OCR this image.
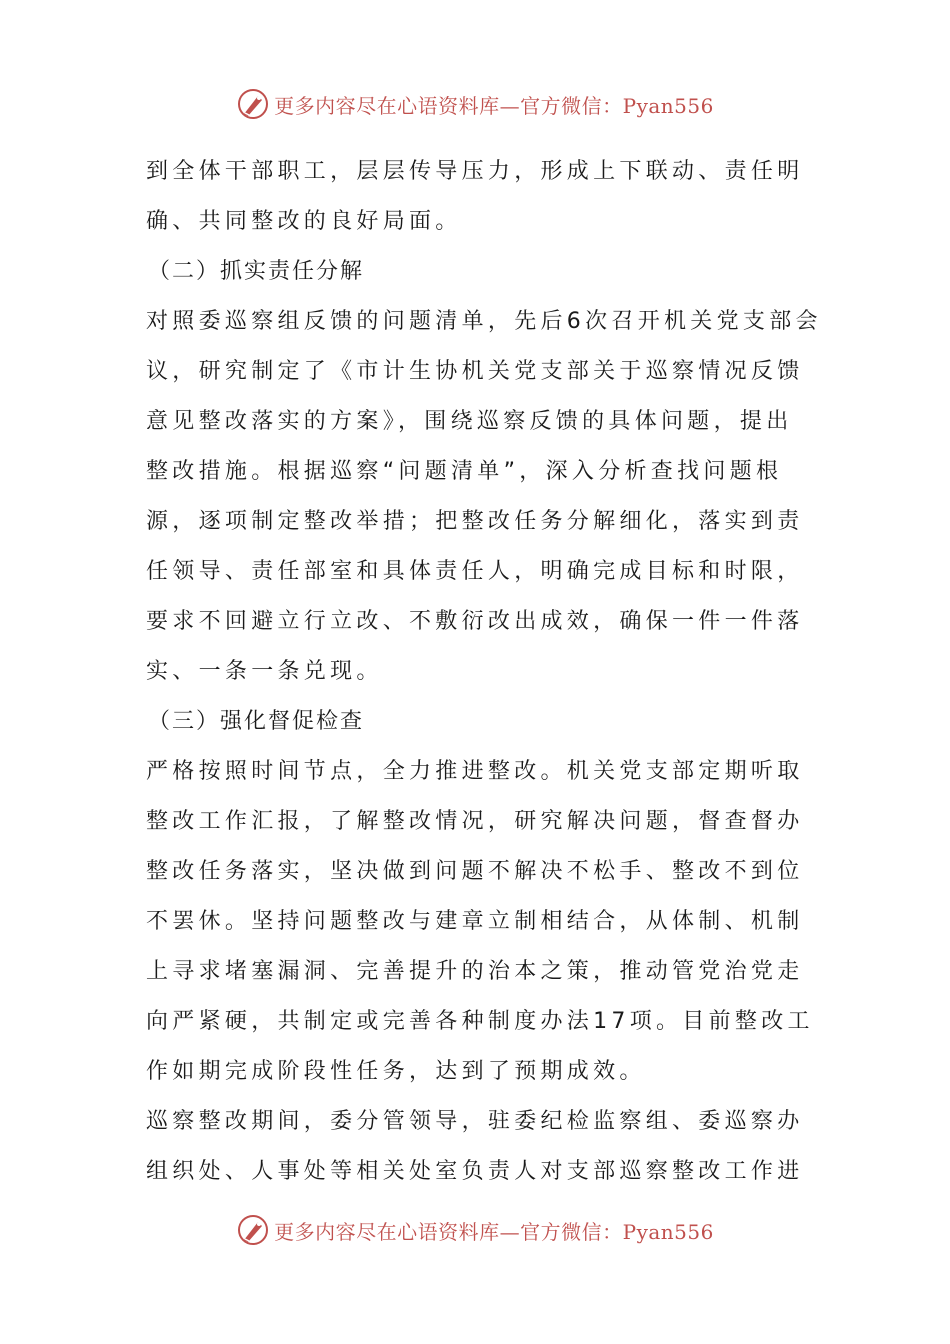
更多内容尽在心语资料库—官方微信：Pyan556
到全体干部职工，层层传导压力，形成上下联动、责任明
确、共同整改的良好局面。
（二）抓实责任分解
对照委巡察组反馈的问题清单，先后6次召开机关党支部会
议，研究制定了《市计生协机关党支部关于巡察情况反馈
意见整改落实的方案》，围绕巡察反馈的具体问题，提出
整改措施。根据巡察“问题清单”，深入分析查找问题根
源，逐项制定整改举措；把整改任务分解细化，落实到责
任领导、责任部室和具体责任人，明确完成目标和时限，
要求不回避立行立改、不敷衍改出成效，确保一件一件落
实、一条一条兑现。
（三）强化督促检查
严格按照时间节点，全力推进整改。机关党支部定期听取
整改工作汇报，了解整改情况，研究解决问题，督查督办
整改任务落实，坚决做到问题不解决不松手、整改不到位
不罢休。坚持问题整改与建章立制相结合，从体制、机制
上寻求堵塞漏洞、完善提升的治本之策，推动管党治党走
向严紧硬，共制定或完善各种制度办法17项。目前整改工
作如期完成阶段性任务，达到了预期成效。
巡察整改期间，委分管领导，驻委纪检监察组、委巡察办
组织处、人事处等相关处室负责人对支部巡察整改工作进
更多内容尽在心语资料库—官方微信：Pyan556
